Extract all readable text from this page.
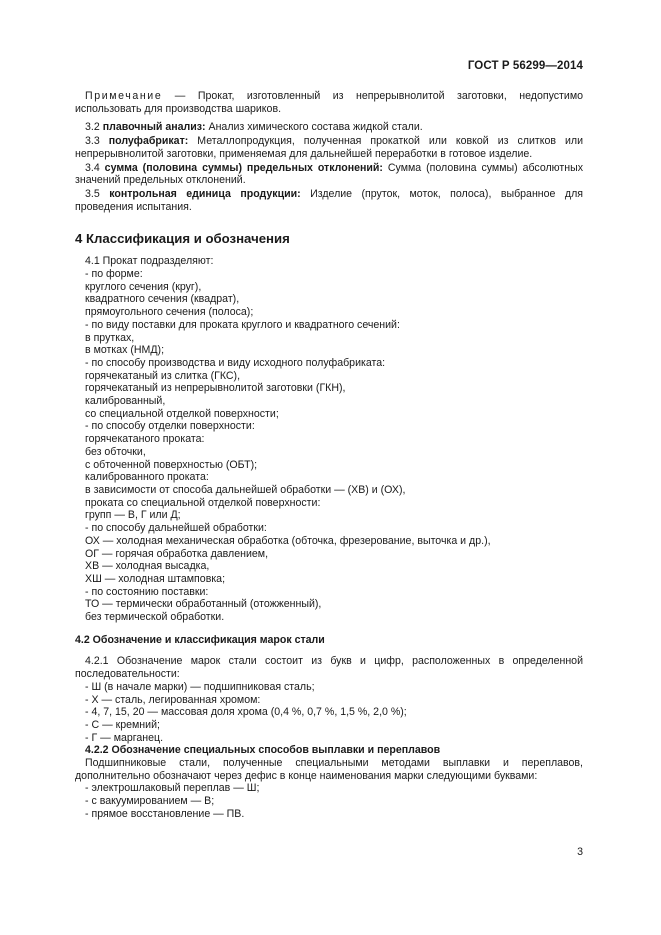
ГОСТ Р 56299—2014

Примечание — Прокат, изготовленный из непрерывнолитой заготовки, недопустимо использовать для производства шариков.

3.2 плавочный анализ: Анализ химического состава жидкой стали.

3.3 полуфабрикат: Металлопродукция, полученная прокаткой или ковкой из слитков или непрерывнолитой заготовки, применяемая для дальнейшей переработки в готовое изделие.

3.4 сумма (половина суммы) предельных отклонений: Сумма (половина суммы) абсолютных значений предельных отклонений.

3.5 контрольная единица продукции: Изделие (пруток, моток, полоса), выбранное для проведения испытания.

4 Классификация и обозначения

4.1 Прокат подразделяют:

- по форме:

круглого сечения (круг),

квадратного сечения (квадрат),

прямоугольного сечения (полоса);

- по виду поставки для проката круглого и квадратного сечений:

в прутках,

в мотках (НМД);

- по способу производства и виду исходного полуфабриката:

горячекатаный из слитка (ГКС),

горячекатаный из непрерывнолитой заготовки (ГКН),

калиброванный,

со специальной отделкой поверхности;

- по способу отделки поверхности:

горячекатаного проката:

без обточки,

с обточенной поверхностью (ОБТ);

калиброванного проката:

в зависимости от способа дальнейшей обработки — (ХВ) и (ОХ),

проката со специальной отделкой поверхности:

групп — В, Г или Д;

- по способу дальнейшей обработки:

ОХ — холодная механическая обработка (обточка, фрезерование, выточка и др.),

ОГ — горячая обработка давлением,

ХВ — холодная высадка,

ХШ — холодная штамповка;

- по состоянию поставки:

ТО — термически обработанный (отожженный),

без термической обработки.

4.2 Обозначение и классификация марок стали

4.2.1 Обозначение марок стали состоит из букв и цифр, расположенных в определенной последовательности:

- Ш (в начале марки) — подшипниковая сталь;

- Х — сталь, легированная хромом:

- 4, 7, 15, 20 — массовая доля хрома (0,4 %, 0,7 %, 1,5 %, 2,0 %);

- С — кремний;

- Г — марганец.

4.2.2 Обозначение специальных способов выплавки и переплавов

Подшипниковые стали, полученные специальными методами выплавки и переплавов, дополнительно обозначают через дефис в конце наименования марки следующими буквами:

- электрошлаковый переплав — Ш;

- с вакуумированием — В;

- прямое восстановление — ПВ.

3
